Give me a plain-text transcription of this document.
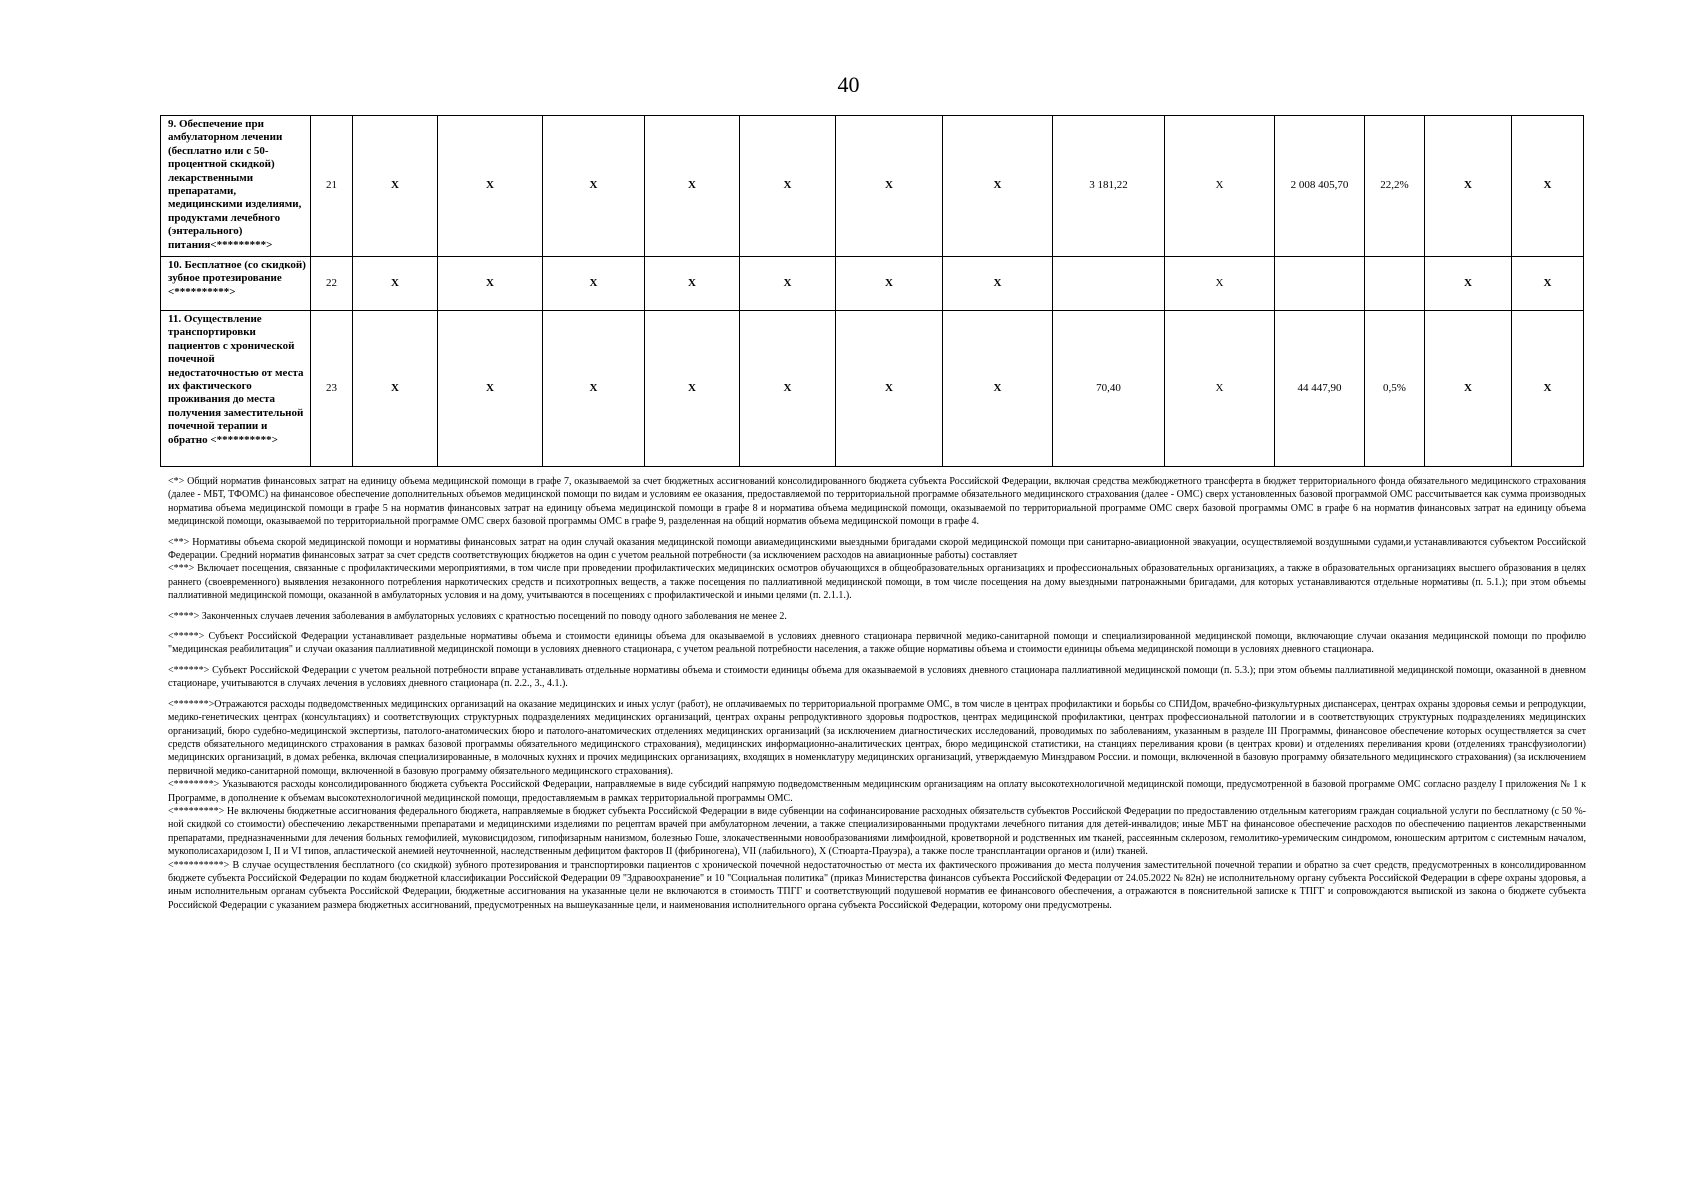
40
9. Обеспечение при амбулаторном лечении (бесплатно или с 50-процентной скидкой) лекарственными препаратами, медицинскими изделиями, продуктами лечебного (энтерального) питания<*********>	21	X	X	X	X	X	X	X	3 181,22	X	2 008 405,70	22,2%	X	X
10. Бесплатное (со скидкой) зубное протезирование <**********>	22	X	X	X	X	X	X	X		X			X	X
11. Осуществление транспортировки пациентов с хронической почечной недостаточностью от места их фактического проживания до места получения заместительной почечной терапии и обратно <**********>	23	X	X	X	X	X	X	X	70,40	X	44 447,90	0,5%	X	X

<*> Общий норматив финансовых затрат на единицу объема медицинской помощи в графе 7, оказываемой за счет бюджетных ассигнований консолидированного бюджета субъекта Российской Федерации, включая средства межбюджетного трансферта в бюджет территориального фонда обязательного медицинского страхования (далее - МБТ, ТФОМС) на финансовое обеспечение дополнительных объемов медицинской помощи по видам и условиям ее оказания, предоставляемой по территориальной программе обязательного медицинского страхования (далее - ОМС) сверх установленных базовой программой ОМС рассчитывается как сумма производных норматива объема медицинской помощи в графе 5 на норматив финансовых затрат на единицу объема медицинской помощи в графе 8 и норматива объема медицинской помощи, оказываемой по территориальной программе ОМС сверх базовой программы ОМС в графе 6 на норматив финансовых затрат на единицу объема медицинской помощи, оказываемой по территориальной программе ОМС сверх базовой программы ОМС в графе 9, разделенная на общий норматив объема медицинской помощи в графе 4.

<**> Нормативы объема скорой медицинской помощи и нормативы финансовых затрат на один случай оказания медицинской помощи авиамедицинскими выездными бригадами скорой медицинской помощи при санитарно-авиационной эвакуации, осуществляемой воздушными судами,и устанавливаются субъектом Российской Федерации. Средний норматив финансовых затрат за счет средств соответствующих бюджетов на один с учетом реальной потребности (за исключением расходов на авиационные работы) составляет

<***> Включает посещения, связанные с профилактическими мероприятиями, в том числе при проведении профилактических медицинских осмотров обучающихся в общеобразовательных организациях и профессиональных образовательных организациях, а также в образовательных организациях высшего образования в целях раннего (своевременного) выявления незаконного потребления наркотических средств и психотропных веществ, а также посещения по паллиативной медицинской помощи, в том числе посещения на дому выездными патронажными бригадами, для которых устанавливаются отдельные нормативы (п. 5.1.); при этом объемы паллиативной медицинской помощи, оказанной в амбулаторных условия и на дому, учитываются в посещениях с профилактической и иными целями (п. 2.1.1.).

<****> Законченных случаев лечения заболевания в амбулаторных условиях с кратностью посещений по поводу одного заболевания не менее 2.

<*****> Субъект Российской Федерации устанавливает раздельные нормативы объема и стоимости единицы объема для оказываемой в условиях дневного стационара первичной медико-санитарной помощи и специализированной медицинской помощи, включающие случаи оказания медицинской помощи по профилю "медицинская реабилитация" и случаи оказания паллиативной медицинской помощи в условиях дневного стационара, с учетом реальной потребности населения, а также общие нормативы объема и стоимости единицы объема медицинской помощи в условиях дневного стационара.

<******> Субъект Российской Федерации с учетом реальной потребности вправе устанавливать отдельные нормативы объема и стоимости единицы объема для оказываемой в условиях дневного стационара паллиативной медицинской помощи (п. 5.3.); при этом объемы паллиативной медицинской помощи, оказанной в дневном стационаре, учитываются в случаях лечения в условиях дневного стационара (п. 2.2., 3., 4.1.).

<*******>Отражаются расходы подведомственных медицинских организаций на оказание медицинских и иных услуг (работ), не оплачиваемых по территориальной программе ОМС, в том числе в центрах профилактики и борьбы со СПИДом, врачебно-физкультурных диспансерах, центрах охраны здоровья семьи и репродукции, медико-генетических центрах (консультациях) и соответствующих структурных подразделениях медицинских организаций, центрах охраны репродуктивного здоровья подростков, центрах медицинской профилактики, центрах профессиональной патологии и в соответствующих структурных подразделениях медицинских организаций, бюро судебно-медицинской экспертизы, патолого-анатомических бюро и патолого-анатомических отделениях медицинских организаций (за исключением диагностических исследований, проводимых по заболеваниям, указанным в разделе III Программы, финансовое обеспечение которых осуществляется за счет средств обязательного медицинского страхования в рамках базовой программы обязательного медицинского страхования), медицинских информационно-аналитических центрах, бюро медицинской статистики, на станциях переливания крови (в центрах крови) и отделениях переливания крови (отделениях трансфузиологии) медицинских организаций, в домах ребенка, включая специализированные, в молочных кухнях и прочих медицинских организациях, входящих в номенклатуру медицинских организаций, утверждаемую Минздравом России. и помощи, включенной в базовую программу обязательного медицинского страхования) (за исключением первичной медико-санитарной помощи, включенной в базовую программу обязательного медицинского страхования).

<********> Указываются расходы консолидированного бюджета субъекта Российской Федерации, направляемые в виде субсидий напрямую подведомственным медицинским организациям на оплату высокотехнологичной медицинской помощи, предусмотренной в базовой программе ОМС согласно разделу I приложения № 1 к Программе, в дополнение к объемам высокотехнологичной медицинской помощи, предоставляемым в рамках территориальной программы ОМС.

<*********> Не включены бюджетные ассигнования федерального бюджета, направляемые в бюджет субъекта Российской Федерации в виде субвенции на софинансирование расходных обязательств субъектов Российской Федерации по предоставлению отдельным категориям граждан социальной услуги по бесплатному (с 50 %-ной скидкой со стоимости) обеспечению лекарственными препаратами и медицинскими изделиями по рецептам врачей при амбулаторном лечении, а также специализированными продуктами лечебного питания для детей-инвалидов; иные МБТ на финансовое обеспечение расходов по обеспечению пациентов лекарственными препаратами, предназначенными для лечения больных гемофилией, муковисцидозом, гипофизарным нанизмом, болезнью Гоше, злокачественными новообразованиями лимфоидной, кроветворной и родственных им тканей, рассеянным склерозом, гемолитико-уремическим синдромом, юношеским артритом с системным началом, мукополисахаридозом I, II и VI типов, апластической анемией неуточненной, наследственным дефицитом факторов II (фибриногена), VII (лабильного), X (Стюарта-Прауэра), а также после трансплантации органов и (или) тканей.

<**********> В случае осуществления бесплатного (со скидкой) зубного протезирования и транспортировки пациентов с хронической почечной недостаточностью от места их фактического проживания до места получения заместительной почечной терапии и обратно за счет средств, предусмотренных в консолидированном бюджете субъекта Российской Федерации по кодам бюджетной классификации Российской Федерации 09 "Здравоохранение" и 10 "Социальная политика" (приказ Министерства финансов субъекта Российской Федерации от 24.05.2022 № 82н) не исполнительному органу субъекта Российской Федерации в сфере охраны здоровья, а иным исполнительным органам субъекта Российской Федерации, бюджетные ассигнования на указанные цели не включаются в стоимость ТПГГ и соответствующий подушевой норматив ее финансового обеспечения, а отражаются в пояснительной записке к ТПГГ и сопровождаются выпиской из закона о бюджете субъекта Российской Федерации с указанием размера бюджетных ассигнований, предусмотренных на вышеуказанные цели, и наименования исполнительного органа субъекта Российской Федерации, которому они предусмотрены.
